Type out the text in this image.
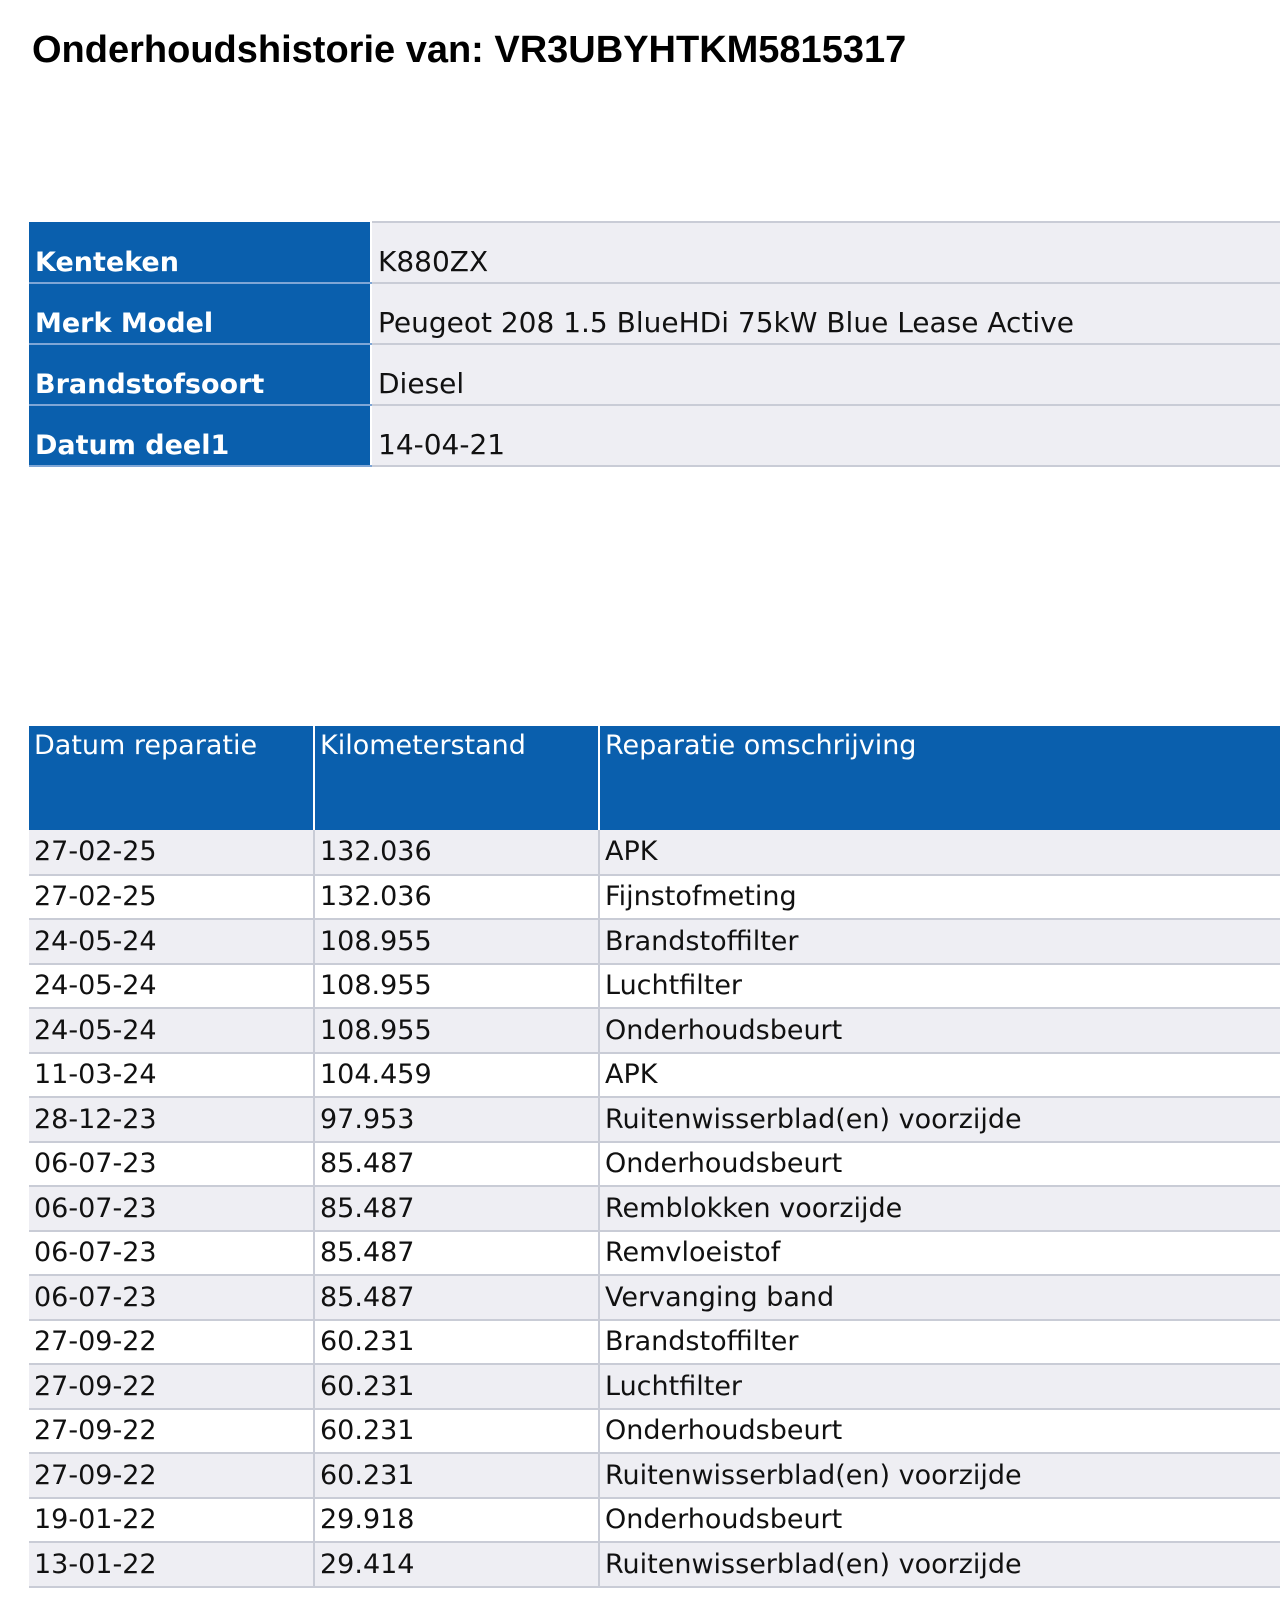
Onderhoudshistorie van: VR3UBYHTKM5815317
Kenteken	K880ZX
Merk Model	Peugeot 208 1.5 BlueHDi 75kW Blue Lease Active
Brandstofsoort	Diesel
Datum deel1	14-04-21
Datum reparatie	Kilometerstand	Reparatie omschrijving
27-02-25	132.036	APK
27-02-25	132.036	Fijnstofmeting
24-05-24	108.955	Brandstoffilter
24-05-24	108.955	Luchtfilter
24-05-24	108.955	Onderhoudsbeurt
11-03-24	104.459	APK
28-12-23	97.953	Ruitenwisserblad(en) voorzijde
06-07-23	85.487	Onderhoudsbeurt
06-07-23	85.487	Remblokken voorzijde
06-07-23	85.487	Remvloeistof
06-07-23	85.487	Vervanging band
27-09-22	60.231	Brandstoffilter
27-09-22	60.231	Luchtfilter
27-09-22	60.231	Onderhoudsbeurt
27-09-22	60.231	Ruitenwisserblad(en) voorzijde
19-01-22	29.918	Onderhoudsbeurt
13-01-22	29.414	Ruitenwisserblad(en) voorzijde
